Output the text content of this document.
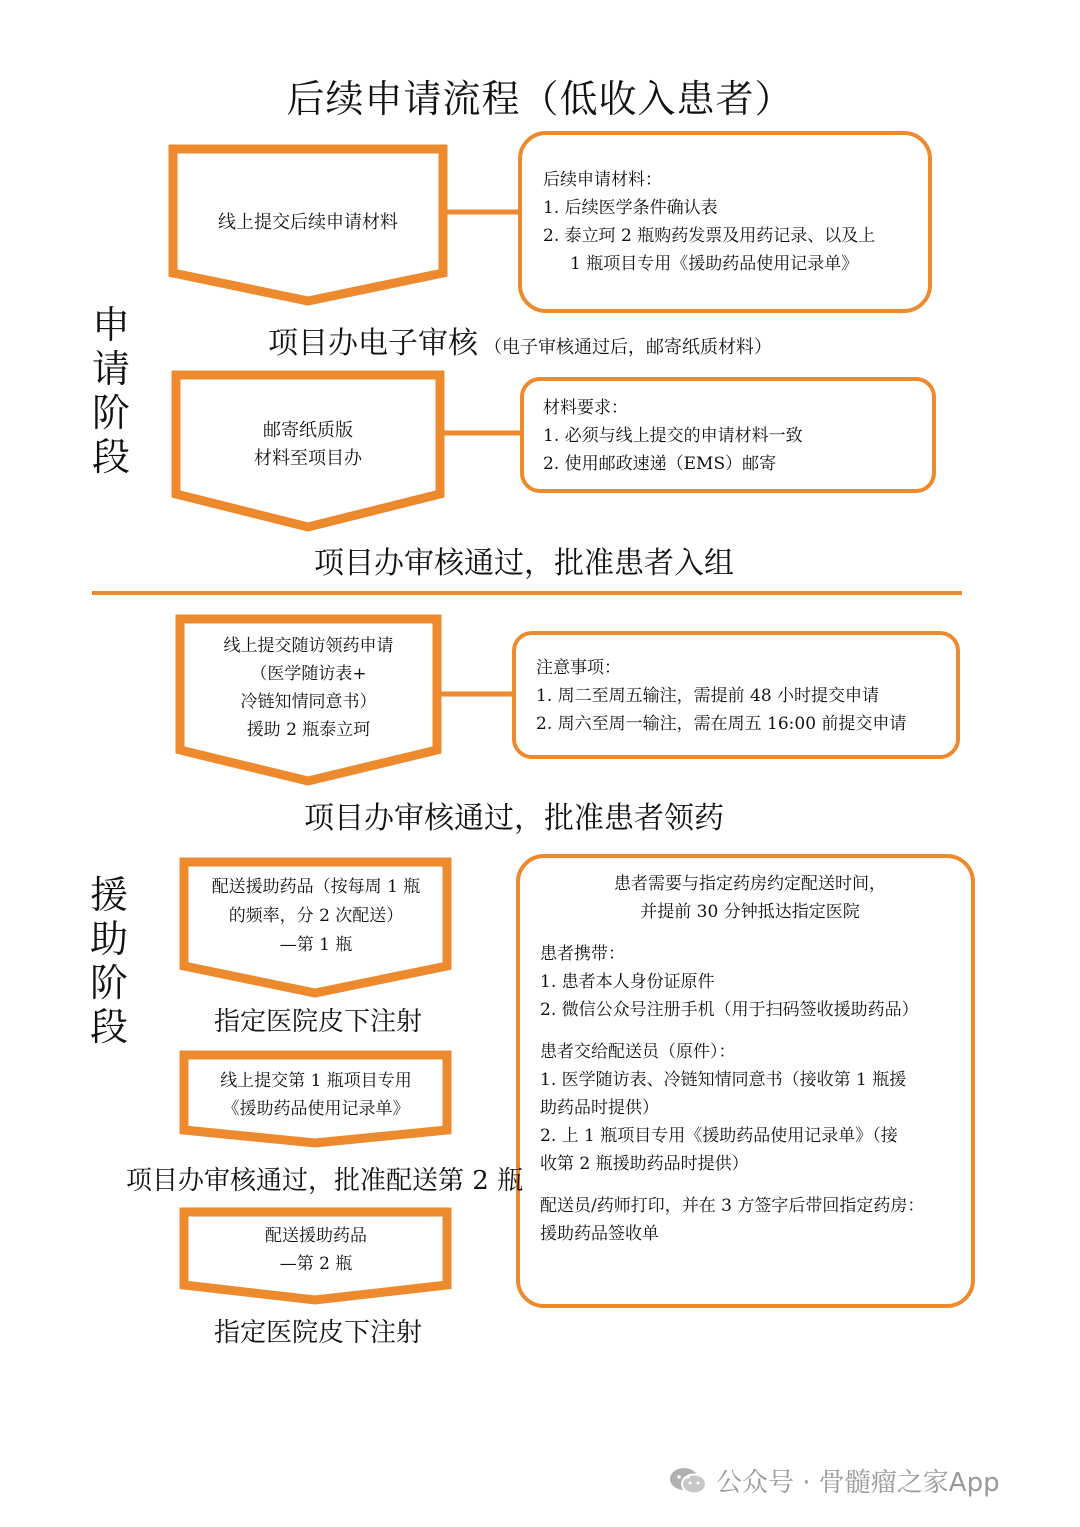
后续申请流程（低收入患者）
申
请
阶
段
援
助
阶
段
线上提交后续申请材料
后续申请材料：
1. 后续医学条件确认表
2. 泰立珂 2 瓶购药发票及用药记录、以及上
1 瓶项目专用《援助药品使用记录单》
项目办电子审核 （电子审核通过后，邮寄纸质材料）
邮寄纸质版
材料至项目办
材料要求：
1. 必须与线上提交的申请材料一致
2. 使用邮政速递（EMS）邮寄
项目办审核通过，批准患者入组
线上提交随访领药申请
（医学随访表+
冷链知情同意书）
援助 2 瓶泰立珂
注意事项：
1. 周二至周五输注，需提前 48 小时提交申请
2. 周六至周一输注，需在周五 16:00 前提交申请
项目办审核通过，批准患者领药
配送援助药品（按每周 1 瓶
的频率，分 2 次配送）
—第 1 瓶
指定医院皮下注射
线上提交第 1 瓶项目专用
《援助药品使用记录单》
项目办审核通过，批准配送第 2 瓶
配送援助药品
—第 2 瓶
指定医院皮下注射
患者需要与指定药房约定配送时间，
并提前 30 分钟抵达指定医院
患者携带：
1. 患者本人身份证原件
2. 微信公众号注册手机（用于扫码签收援助药品）
患者交给配送员（原件）：
1. 医学随访表、冷链知情同意书（接收第 1 瓶援
助药品时提供）
2. 上 1 瓶项目专用《援助药品使用记录单》（接
收第 2 瓶援助药品时提供）
配送员/药师打印，并在 3 方签字后带回指定药房：
援助药品签收单
公众号 · 骨髓瘤之家App
